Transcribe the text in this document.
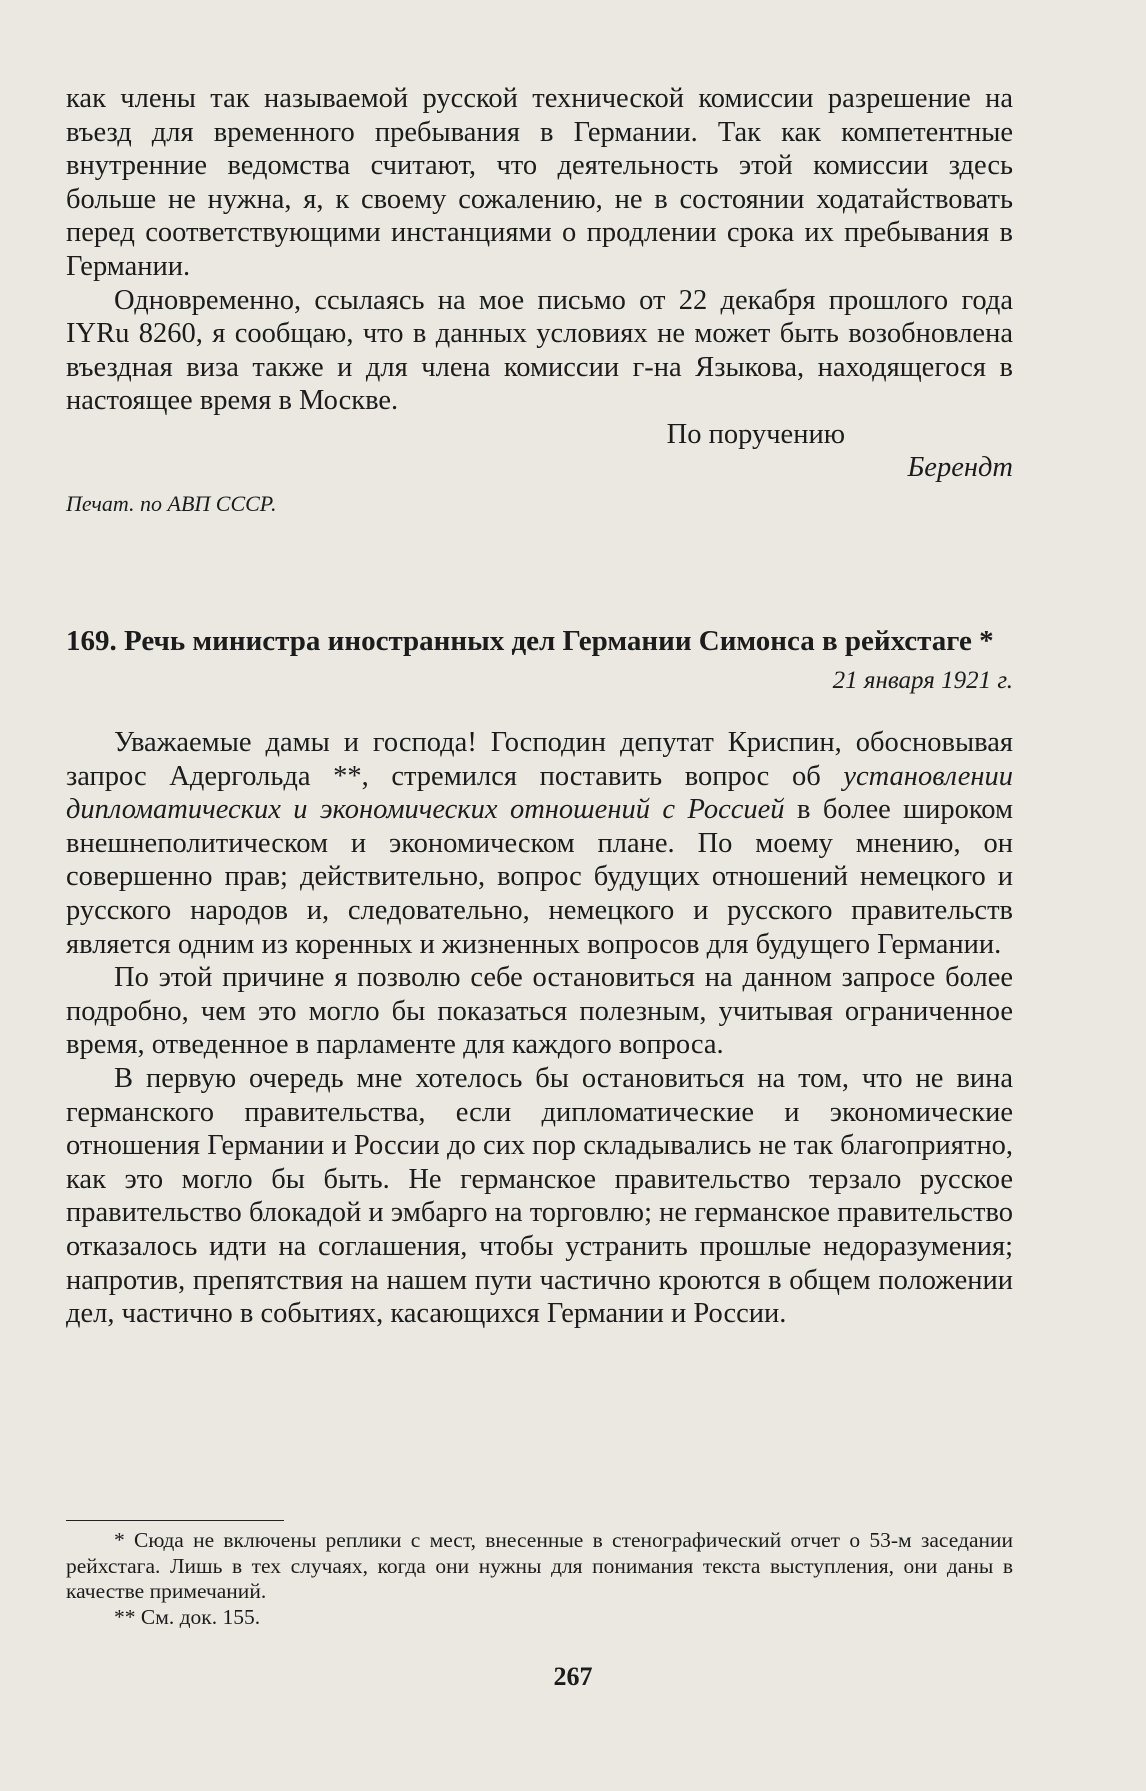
как члены так называемой русской технической комиссии разрешение на въезд для временного пребывания в Германии. Так как компетентные внутренние ведомства считают, что деятельность этой комиссии здесь больше не нужна, я, к своему сожалению, не в состоянии ходатайствовать перед соответствующими инстанциями о продлении срока их пребывания в Германии.

Одновременно, ссылаясь на мое письмо от 22 декабря прошлого года IYRu 8260, я сообщаю, что в данных условиях не может быть возобновлена въездная виза также и для члена комиссии г-на Языкова, находящегося в настоящее время в Москве.

По поручению

Берендт

Печат. по АВП СССР.

169. Речь министра иностранных дел Германии Симонса в рейхстаге *

21 января 1921 г.

Уважаемые дамы и господа! Господин депутат Криспин, обосновывая запрос Адергольда **, стремился поставить вопрос об установлении дипломатических и экономических отношений с Россией в более широком внешнеполитическом и экономическом плане. По моему мнению, он совершенно прав; действительно, вопрос будущих отношений немецкого и русского народов и, следовательно, немецкого и русского правительств является одним из коренных и жизненных вопросов для будущего Германии.

По этой причине я позволю себе остановиться на данном запросе более подробно, чем это могло бы показаться полезным, учитывая ограниченное время, отведенное в парламенте для каждого вопроса.

В первую очередь мне хотелось бы остановиться на том, что не вина германского правительства, если дипломатические и экономические отношения Германии и России до сих пор складывались не так благоприятно, как это могло бы быть. Не германское правительство терзало русское правительство блокадой и эмбарго на торговлю; не германское правительство отказалось идти на соглашения, чтобы устранить прошлые недоразумения; напротив, препятствия на нашем пути частично кроются в общем положении дел, частично в событиях, касающихся Германии и России.

* Сюда не включены реплики с мест, внесенные в стенографический отчет о 53-м заседании рейхстага. Лишь в тех случаях, когда они нужны для понимания текста выступления, они даны в качестве примечаний.

** См. док. 155.

267
